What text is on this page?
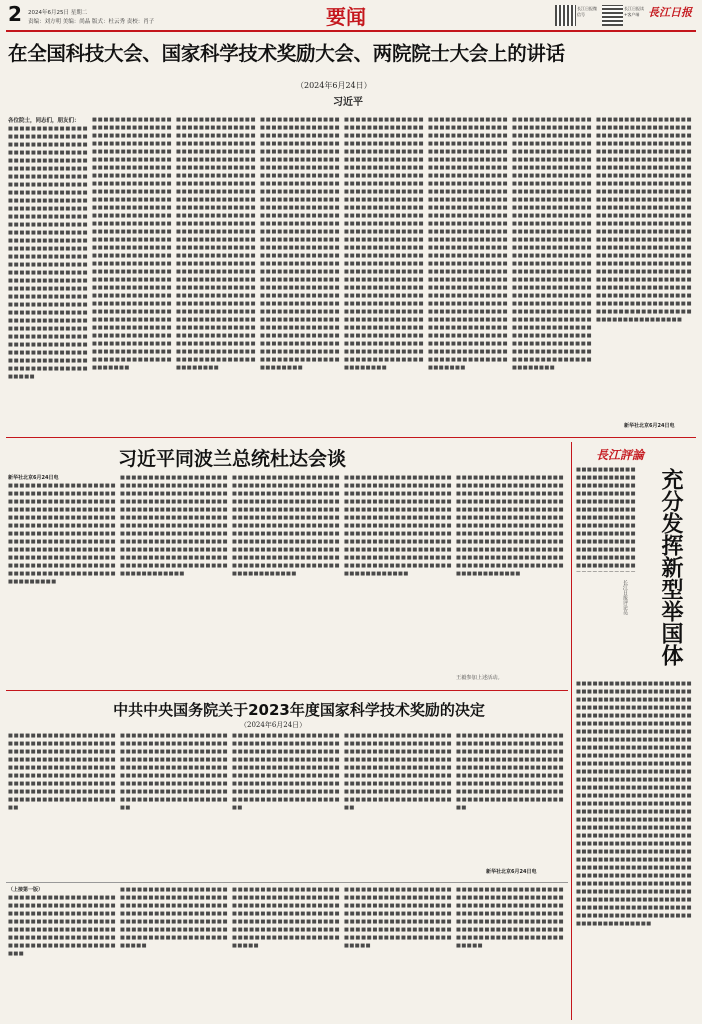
2 2024年6月25日 星期二
责编：刘方明 美编：尚晶 版式：杜云秀 责校：肖子	要闻	长江日报微信号
长江日报读+客户端 長江日报
在全国科技大会、国家科学技术奖励大会、两院院士大会上的讲话
（2024年6月24日）
习近平
各位院士，同志们，朋友们：
■■■■■■■■■■■■■■■■■■■■■■■■■■■■■■■■■■■■■■■■■■■■■■■■■■■■■■■■■■■■■■■■■■■■■■■■■■■■■■■■■■■■■■■■■■■■■■■■■■■■■■■■■■■■■■■■■■■■■■■■■■■■■■■■■■■■■■■■■■■■■■■■■■■■■■■■■■■■■■■■■■■■■■■■■■■■■■■■■■■■■■■■■■■■■■■■■■■■■■■■■■■■■■■■■■■■■■■■■■■■■■■■■■■■■■■■■■■■■■■■■■■■■■■■■■■■■■■■■■■■■■■■■■■■■■■■■■■■■■■■■■■■■■■■■■■■■■■■■■■■■■■■■■■■■■■■■■■■■■■■■■■■■■■■■■■■■■■■■■■■■■■■■■■■■■■■■■■■■■■■■■■■■■■■■■■■■■■■■■■■■■■■■■■■■■■■■■■■■■■■■■■■■■■■■■■■■■■■■■■■■■■■■■■■■■■■■■■■■■■
■■■■■■■■■■■■■■■■■■■■■■■■■■■■■■■■■■■■■■■■■■■■■■■■■■■■■■■■■■■■■■■■■■■■■■■■■■■■■■■■■■■■■■■■■■■■■■■■■■■■■■■■■■■■■■■■■■■■■■■■■■■■■■■■■■■■■■■■■■■■■■■■■■■■■■■■■■■■■■■■■■■■■■■■■■■■■■■■■■■■■■■■■■■■■■■■■■■■■■■■■■■■■■■■■■■■■■■■■■■■■■■■■■■■■■■■■■■■■■■■■■■■■■■■■■■■■■■■■■■■■■■■■■■■■■■■■■■■■■■■■■■■■■■■■■■■■■■■■■■■■■■■■■■■■■■■■■■■■■■■■■■■■■■■■■■■■■■■■■■■■■■■■■■■■■■■■■■■■■■■■■■■■■■■■■■■■■■■■■■■■■■■■■■■■■■■■■■■■■■■■■■■■■■■■■■■■■■■■■■■■■■■■■■■■■■■■■■■■■■■■
■■■■■■■■■■■■■■■■■■■■■■■■■■■■■■■■■■■■■■■■■■■■■■■■■■■■■■■■■■■■■■■■■■■■■■■■■■■■■■■■■■■■■■■■■■■■■■■■■■■■■■■■■■■■■■■■■■■■■■■■■■■■■■■■■■■■■■■■■■■■■■■■■■■■■■■■■■■■■■■■■■■■■■■■■■■■■■■■■■■■■■■■■■■■■■■■■■■■■■■■■■■■■■■■■■■■■■■■■■■■■■■■■■■■■■■■■■■■■■■■■■■■■■■■■■■■■■■■■■■■■■■■■■■■■■■■■■■■■■■■■■■■■■■■■■■■■■■■■■■■■■■■■■■■■■■■■■■■■■■■■■■■■■■■■■■■■■■■■■■■■■■■■■■■■■■■■■■■■■■■■■■■■■■■■■■■■■■■■■■■■■■■■■■■■■■■■■■■■■■■■■■■■■■■■■■■■■■■■■■■■■■■■■■■■■■■■■■■■■■■■■
■■■■■■■■■■■■■■■■■■■■■■■■■■■■■■■■■■■■■■■■■■■■■■■■■■■■■■■■■■■■■■■■■■■■■■■■■■■■■■■■■■■■■■■■■■■■■■■■■■■■■■■■■■■■■■■■■■■■■■■■■■■■■■■■■■■■■■■■■■■■■■■■■■■■■■■■■■■■■■■■■■■■■■■■■■■■■■■■■■■■■■■■■■■■■■■■■■■■■■■■■■■■■■■■■■■■■■■■■■■■■■■■■■■■■■■■■■■■■■■■■■■■■■■■■■■■■■■■■■■■■■■■■■■■■■■■■■■■■■■■■■■■■■■■■■■■■■■■■■■■■■■■■■■■■■■■■■■■■■■■■■■■■■■■■■■■■■■■■■■■■■■■■■■■■■■■■■■■■■■■■■■■■■■■■■■■■■■■■■■■■■■■■■■■■■■■■■■■■■■■■■■■■■■■■■■■■■■■■■■■■■■■■■■■■■■■■■■■■■■■■■
■■■■■■■■■■■■■■■■■■■■■■■■■■■■■■■■■■■■■■■■■■■■■■■■■■■■■■■■■■■■■■■■■■■■■■■■■■■■■■■■■■■■■■■■■■■■■■■■■■■■■■■■■■■■■■■■■■■■■■■■■■■■■■■■■■■■■■■■■■■■■■■■■■■■■■■■■■■■■■■■■■■■■■■■■■■■■■■■■■■■■■■■■■■■■■■■■■■■■■■■■■■■■■■■■■■■■■■■■■■■■■■■■■■■■■■■■■■■■■■■■■■■■■■■■■■■■■■■■■■■■■■■■■■■■■■■■■■■■■■■■■■■■■■■■■■■■■■■■■■■■■■■■■■■■■■■■■■■■■■■■■■■■■■■■■■■■■■■■■■■■■■■■■■■■■■■■■■■■■■■■■■■■■■■■■■■■■■■■■■■■■■■■■■■■■■■■■■■■■■■■■■■■■■■■■■■■■■■■■■■■■■■■■■■■■■■■■■■■■■■■■
■■■■■■■■■■■■■■■■■■■■■■■■■■■■■■■■■■■■■■■■■■■■■■■■■■■■■■■■■■■■■■■■■■■■■■■■■■■■■■■■■■■■■■■■■■■■■■■■■■■■■■■■■■■■■■■■■■■■■■■■■■■■■■■■■■■■■■■■■■■■■■■■■■■■■■■■■■■■■■■■■■■■■■■■■■■■■■■■■■■■■■■■■■■■■■■■■■■■■■■■■■■■■■■■■■■■■■■■■■■■■■■■■■■■■■■■■■■■■■■■■■■■■■■■■■■■■■■■■■■■■■■■■■■■■■■■■■■■■■■■■■■■■■■■■■■■■■■■■■■■■■■■■■■■■■■■■■■■■■■■■■■■■■■■■■■■■■■■■■■■■■■■■■■■■■■■■■■■■■■■■■■■■■■■■■■■■■■■■■■■■■■■■■■■■■■■■■■■■■■■■■■■■■■■■■■■■■■■■■■■■■■■■■■■■■■■■■■■■■■■■
■■■■■■■■■■■■■■■■■■■■■■■■■■■■■■■■■■■■■■■■■■■■■■■■■■■■■■■■■■■■■■■■■■■■■■■■■■■■■■■■■■■■■■■■■■■■■■■■■■■■■■■■■■■■■■■■■■■■■■■■■■■■■■■■■■■■■■■■■■■■■■■■■■■■■■■■■■■■■■■■■■■■■■■■■■■■■■■■■■■■■■■■■■■■■■■■■■■■■■■■■■■■■■■■■■■■■■■■■■■■■■■■■■■■■■■■■■■■■■■■■■■■■■■■■■■■■■■■■■■■■■■■■■■■■■■■■■■■■■■■■■■■■■■■■■■■■■■■■■■■■■■■■■■■■■■■■■■■■■■■■■■■■■■■■■■■■■■■■■■■■■■■■■■■■■■■■■■■■■■■■■■■■■■■■■■■■■■■■■■■■■■■■■■■■■■■■■■■■■■■■■■■■■■■■■■■■■■■■■■■■■■■■■■■■■■■■■■■■■■■■■
■■■■■■■■■■■■■■■■■■■■■■■■■■■■■■■■■■■■■■■■■■■■■■■■■■■■■■■■■■■■■■■■■■■■■■■■■■■■■■■■■■■■■■■■■■■■■■■■■■■■■■■■■■■■■■■■■■■■■■■■■■■■■■■■■■■■■■■■■■■■■■■■■■■■■■■■■■■■■■■■■■■■■■■■■■■■■■■■■■■■■■■■■■■■■■■■■■■■■■■■■■■■■■■■■■■■■■■■■■■■■■■■■■■■■■■■■■■■■■■■■■■■■■■■■■■■■■■■■■■■■■■■■■■■■■■■■■■■■■■■■■■■■■■■■■■■■■■■■■■■■■■■■■■■■■■■■■■■■■■■■■■■■■■■■■■■■■■■■■■■■■■■■■■■■■■■■■■■■■■■■■■■■■■■■■■■■■■■■■■■■■■■■■■■■■■■■■■■■■■■■■■■■■■■■■■■■■■■■■■■■■■■■■■■■■■■■■■■■■■■■
新华社北京6月24日电
习近平同波兰总统杜达会谈
新华社北京6月24日电
■■■■■■■■■■■■■■■■■■■■■■■■■■■■■■■■■■■■■■■■■■■■■■■■■■■■■■■■■■■■■■■■■■■■■■■■■■■■■■■■■■■■■■■■■■■■■■■■■■■■■■■■■■■■■■■■■■■■■■■■■■■■■■■■■■■■■■■■■■■■■■■■■■■■■■■■■■■■■■■■■■■■■■■■■■■■■■■■■■■■■■■■■■■■■■■■■■■■■■■■■■■■■■■■■■■■■■■■■■■■■■■■■■■■■■■■■■■■■
■■■■■■■■■■■■■■■■■■■■■■■■■■■■■■■■■■■■■■■■■■■■■■■■■■■■■■■■■■■■■■■■■■■■■■■■■■■■■■■■■■■■■■■■■■■■■■■■■■■■■■■■■■■■■■■■■■■■■■■■■■■■■■■■■■■■■■■■■■■■■■■■■■■■■■■■■■■■■■■■■■■■■■■■■■■■■■■■■■■■■■■■■■■■■■■■■■■■■■■■■■■■■■■■■■■■■■■■■■■■■■■■■■■■■■■■■■■■■■■■
■■■■■■■■■■■■■■■■■■■■■■■■■■■■■■■■■■■■■■■■■■■■■■■■■■■■■■■■■■■■■■■■■■■■■■■■■■■■■■■■■■■■■■■■■■■■■■■■■■■■■■■■■■■■■■■■■■■■■■■■■■■■■■■■■■■■■■■■■■■■■■■■■■■■■■■■■■■■■■■■■■■■■■■■■■■■■■■■■■■■■■■■■■■■■■■■■■■■■■■■■■■■■■■■■■■■■■■■■■■■■■■■■■■■■■■■■■■■■■■■
■■■■■■■■■■■■■■■■■■■■■■■■■■■■■■■■■■■■■■■■■■■■■■■■■■■■■■■■■■■■■■■■■■■■■■■■■■■■■■■■■■■■■■■■■■■■■■■■■■■■■■■■■■■■■■■■■■■■■■■■■■■■■■■■■■■■■■■■■■■■■■■■■■■■■■■■■■■■■■■■■■■■■■■■■■■■■■■■■■■■■■■■■■■■■■■■■■■■■■■■■■■■■■■■■■■■■■■■■■■■■■■■■■■■■■■■■■■■■■■■
■■■■■■■■■■■■■■■■■■■■■■■■■■■■■■■■■■■■■■■■■■■■■■■■■■■■■■■■■■■■■■■■■■■■■■■■■■■■■■■■■■■■■■■■■■■■■■■■■■■■■■■■■■■■■■■■■■■■■■■■■■■■■■■■■■■■■■■■■■■■■■■■■■■■■■■■■■■■■■■■■■■■■■■■■■■■■■■■■■■■■■■■■■■■■■■■■■■■■■■■■■■■■■■■■■■■■■■■■■■■■■■■■■■■■■■■■■■■■■■■
王毅参加上述活动。
中共中央国务院关于2023年度国家科学技术奖励的决定
（2024年6月24日）
■■■■■■■■■■■■■■■■■■■■■■■■■■■■■■■■■■■■■■■■■■■■■■■■■■■■■■■■■■■■■■■■■■■■■■■■■■■■■■■■■■■■■■■■■■■■■■■■■■■■■■■■■■■■■■■■■■■■■■■■■■■■■■■■■■■■■■■■■■■■■■■■■■■■■■■■■■■■■■■■■■■■■■■■■■■■■
■■■■■■■■■■■■■■■■■■■■■■■■■■■■■■■■■■■■■■■■■■■■■■■■■■■■■■■■■■■■■■■■■■■■■■■■■■■■■■■■■■■■■■■■■■■■■■■■■■■■■■■■■■■■■■■■■■■■■■■■■■■■■■■■■■■■■■■■■■■■■■■■■■■■■■■■■■■■■■■■■■■■■■■■■■■■■
■■■■■■■■■■■■■■■■■■■■■■■■■■■■■■■■■■■■■■■■■■■■■■■■■■■■■■■■■■■■■■■■■■■■■■■■■■■■■■■■■■■■■■■■■■■■■■■■■■■■■■■■■■■■■■■■■■■■■■■■■■■■■■■■■■■■■■■■■■■■■■■■■■■■■■■■■■■■■■■■■■■■■■■■■■■■■
■■■■■■■■■■■■■■■■■■■■■■■■■■■■■■■■■■■■■■■■■■■■■■■■■■■■■■■■■■■■■■■■■■■■■■■■■■■■■■■■■■■■■■■■■■■■■■■■■■■■■■■■■■■■■■■■■■■■■■■■■■■■■■■■■■■■■■■■■■■■■■■■■■■■■■■■■■■■■■■■■■■■■■■■■■■■■
■■■■■■■■■■■■■■■■■■■■■■■■■■■■■■■■■■■■■■■■■■■■■■■■■■■■■■■■■■■■■■■■■■■■■■■■■■■■■■■■■■■■■■■■■■■■■■■■■■■■■■■■■■■■■■■■■■■■■■■■■■■■■■■■■■■■■■■■■■■■■■■■■■■■■■■■■■■■■■■■■■■■■■■■■■■■■
新华社北京6月24日电
（上接第一版）
■■■■■■■■■■■■■■■■■■■■■■■■■■■■■■■■■■■■■■■■■■■■■■■■■■■■■■■■■■■■■■■■■■■■■■■■■■■■■■■■■■■■■■■■■■■■■■■■■■■■■■■■■■■■■■■■■■■■■■■■■■■■■■■■■■■■■■■■
■■■■■■■■■■■■■■■■■■■■■■■■■■■■■■■■■■■■■■■■■■■■■■■■■■■■■■■■■■■■■■■■■■■■■■■■■■■■■■■■■■■■■■■■■■■■■■■■■■■■■■■■■■■■■■■■■■■■■■■■■■■■■■■■■■■■■■■■■■
■■■■■■■■■■■■■■■■■■■■■■■■■■■■■■■■■■■■■■■■■■■■■■■■■■■■■■■■■■■■■■■■■■■■■■■■■■■■■■■■■■■■■■■■■■■■■■■■■■■■■■■■■■■■■■■■■■■■■■■■■■■■■■■■■■■■■■■■■■
■■■■■■■■■■■■■■■■■■■■■■■■■■■■■■■■■■■■■■■■■■■■■■■■■■■■■■■■■■■■■■■■■■■■■■■■■■■■■■■■■■■■■■■■■■■■■■■■■■■■■■■■■■■■■■■■■■■■■■■■■■■■■■■■■■■■■■■■■■
■■■■■■■■■■■■■■■■■■■■■■■■■■■■■■■■■■■■■■■■■■■■■■■■■■■■■■■■■■■■■■■■■■■■■■■■■■■■■■■■■■■■■■■■■■■■■■■■■■■■■■■■■■■■■■■■■■■■■■■■■■■■■■■■■■■■■■■■■■
長江評論
■■■■■■■■■■■■■■■■■■■■■■■■■■■■■■■■■■■■■■■■■■■■■■■■■■■■■■■■■■■■■■■■■■■■■■■■■■■■■■■■■■■■■■■■■■■■■■■■■■■■■■■■■■■■■■■■■■■■■■■■■■■■■■■■■■■■■■■■■■■■■■■
充分发挥新型举国体
长江日报评论员
■■■■■■■■■■■■■■■■■■■■■■■■■■■■■■■■■■■■■■■■■■■■■■■■■■■■■■■■■■■■■■■■■■■■■■■■■■■■■■■■■■■■■■■■■■■■■■■■■■■■■■■■■■■■■■■■■■■■■■■■■■■■■■■■■■■■■■■■■■■■■■■■■■■■■■■■■■■■■■■■■■■■■■■■■■■■■■■■■■■■■■■■■■■■■■■■■■■■■■■■■■■■■■■■■■■■■■■■■■■■■■■■■■■■■■■■■■■■■■■■■■■■■■■■■■■■■■■■■■■■■■■■■■■■■■■■■■■■■■■■■■■■■■■■■■■■■■■■■■■■■■■■■■■■■■■■■■■■■■■■■■■■■■■■■■■■■■■■■■■■■■■■■■■■■■■■■■■■■■■■■■■■■■■■■■■■■■■■■■■■■■■■■■■■■■■■■■■■■■■■■■■■■■■■■■■■■■■■■■■■■■■■■■■■■■■■■■■■■■■■■■■■■■■■■■■■■■■■■■■■■■■■■■■■■■■■■■■■■■■■■■■■■■■■■■■■■■■■■■■■■■■■■■■■■■■■■■■■■■■■■■■■■■■■■■■■■■■■■■■■■■■■■■■■■■■■■■■■■■■■■■■■■■■■■■■■■■■■■■■■■■■■■■■■■■■■■■■■■■■■■■■■■■■■■■■■■■■■■■■■■■■■■■■■■■■■■■■■■■■■■■■■
